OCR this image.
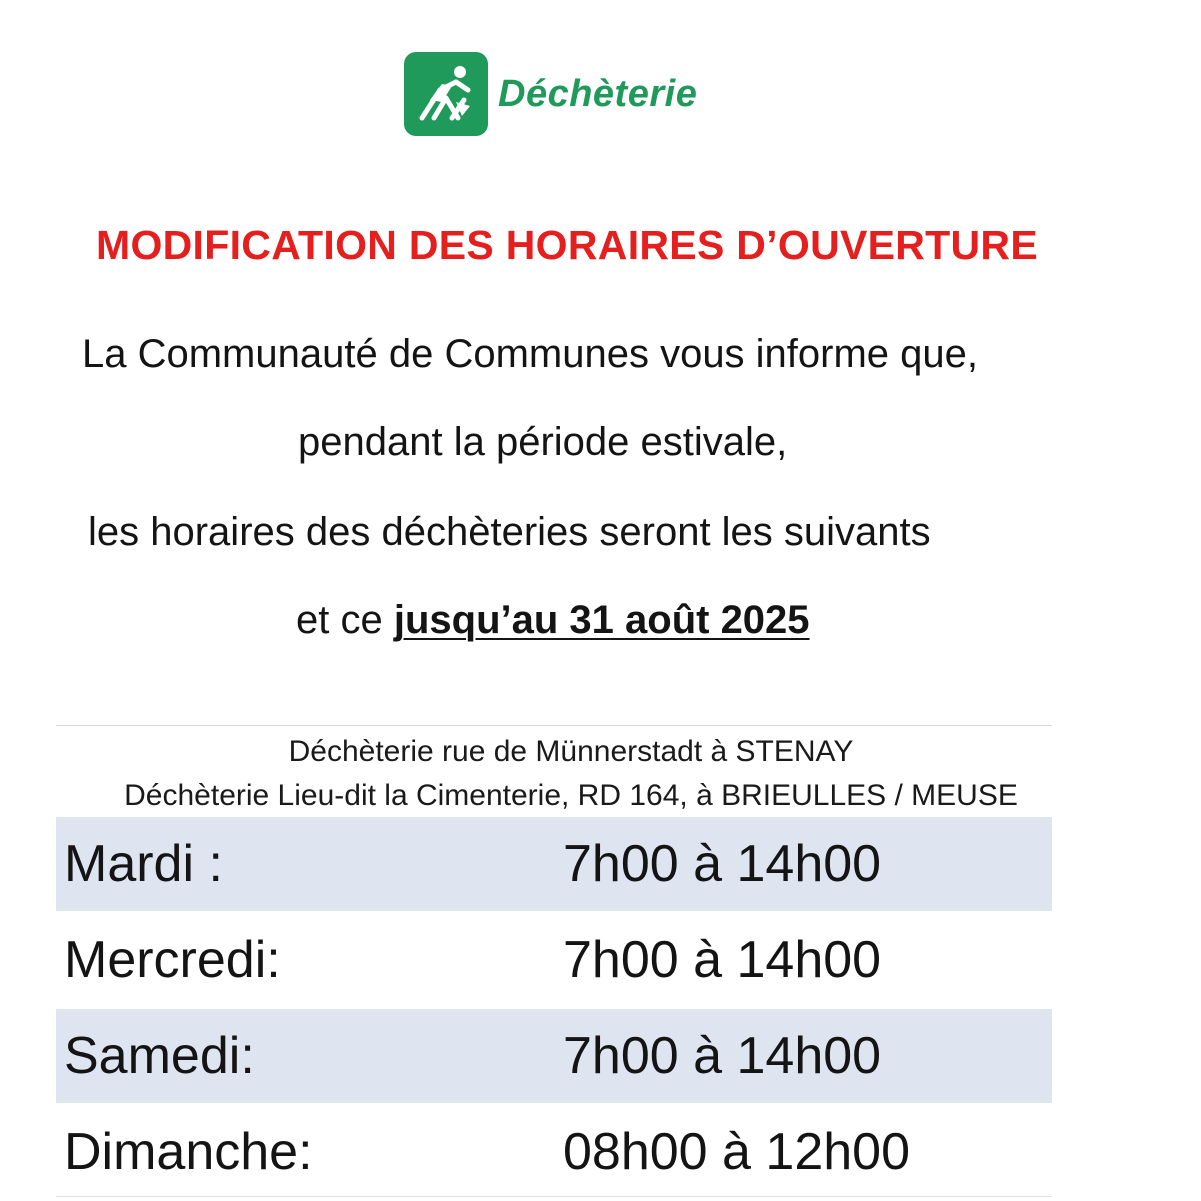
Déchèterie
MODIFICATION DES HORAIRES D’OUVERTURE
La Communauté de Communes vous informe que,
pendant la période estivale,
les horaires des déchèteries seront les suivants
et ce jusqu’au 31 août 2025
Déchèterie rue de Münnerstadt à STENAY
Déchèterie Lieu-dit la Cimenterie, RD 164, à BRIEULLES / MEUSE
Mardi :	7h00 à 14h00
Mercredi:	7h00 à 14h00
Samedi:	7h00 à 14h00
Dimanche:	08h00 à 12h00
